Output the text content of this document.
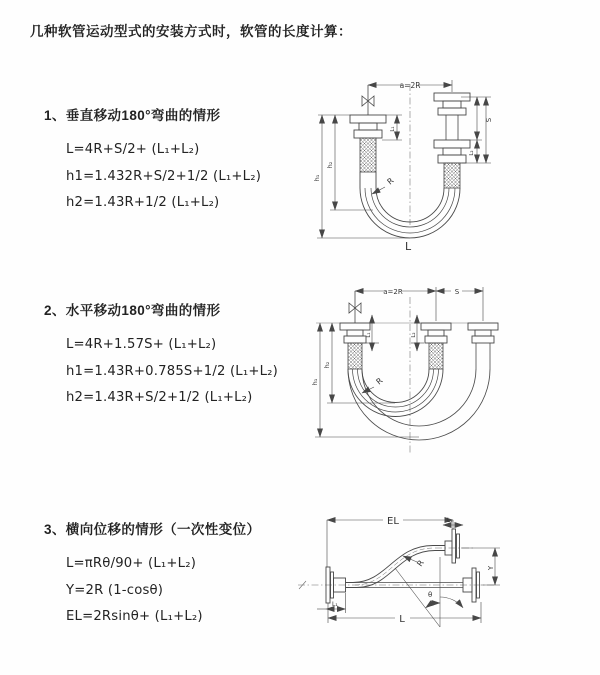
几种软管运动型式的安装方式时，软管的长度计算：
1、垂直移动180°弯曲的情形
L=4R+S/2+ (L₁+L₂)
h1=1.432R+S/2+1/2 (L₁+L₂)
h2=1.43R+1/2 (L₁+L₂)
2、水平移动180°弯曲的情形
L=4R+1.57S+ (L₁+L₂)
h1=1.43R+0.785S+1/2 (L₁+L₂)
h2=1.43R+S/2+1/2 (L₁+L₂)
3、横向位移的情形（一次性变位）
L=πRθ/90+ (L₁+L₂)
Y=2R (1-cosθ)
EL=2Rsinθ+ (L₁+L₂)
a=2R
h₂
h₁
L₁
S
L₂
R
L
a=2R	S
h₂
h₁
L₁	L₂
R
EL	L₁
θ
R	Y
L
L₁
